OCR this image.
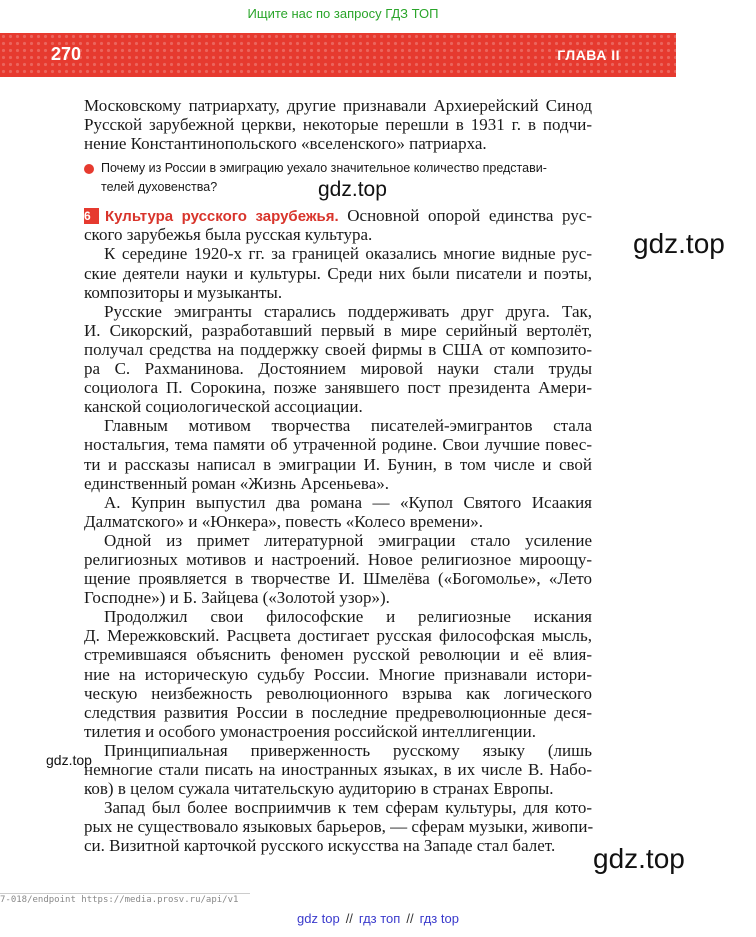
Ищите нас по запросу ГДЗ ТОП
270	ГЛАВА II
Московскому патриархату, другие признавали Архиерейский Синод
Русской зарубежной церкви, некоторые перешли в 1931 г. в подчи-
нение Константинопольского «вселенского» патриарха.
Почему из России в эмиграцию уехало значительное количество представи-
телей духовенства?
6 Культура русского зарубежья. Основной опорой единства рус-
ского зарубежья была русская культура.
К середине 1920-х гг. за границей оказались многие видные рус-
ские деятели науки и культуры. Среди них были писатели и поэты,
композиторы и музыканты.
Русские эмигранты старались поддерживать друг друга. Так,
И. Сикорский, разработавший первый в мире серийный вертолёт,
получал средства на поддержку своей фирмы в США от композито-
ра С. Рахманинова. Достоянием мировой науки стали труды
социолога П. Сорокина, позже занявшего пост президента Амери-
канской социологической ассоциации.
Главным мотивом творчества писателей-эмигрантов стала
ностальгия, тема памяти об утраченной родине. Свои лучшие повес-
ти и рассказы написал в эмиграции И. Бунин, в том числе и свой
единственный роман «Жизнь Арсеньева».
А. Куприн выпустил два романа — «Купол Святого Исаакия
Далматского» и «Юнкера», повесть «Колесо времени».
Одной из примет литературной эмиграции стало усиление
религиозных мотивов и настроений. Новое религиозное мироощу-
щение проявляется в творчестве И. Шмелёва («Богомолье», «Лето
Господне») и Б. Зайцева («Золотой узор»).
Продолжил свои философские и религиозные искания
Д. Мережковский. Расцвета достигает русская философская мысль,
стремившаяся объяснить феномен русской революции и её влия-
ние на историческую судьбу России. Многие признавали истори-
ческую неизбежность революционного взрыва как логического
следствия развития России в последние предреволюционные деся-
тилетия и особого умонастроения российской интеллигенции.
Принципиальная приверженность русскому языку (лишь
немногие стали писать на иностранных языках, в их числе В. Набо-
ков) в целом сужала читательскую аудиторию в странах Европы.
Запад был более восприимчив к тем сферам культуры, для кото-
рых не существовало языковых барьеров, — сферам музыки, живопи-
си. Визитной карточкой русского искусства на Западе стал балет.
gdz.top
gdz.top
gdz.top
gdz.top
7-018/endpoint https://media.prosv.ru/api/v1
gdz top // гдз топ // гдз top
